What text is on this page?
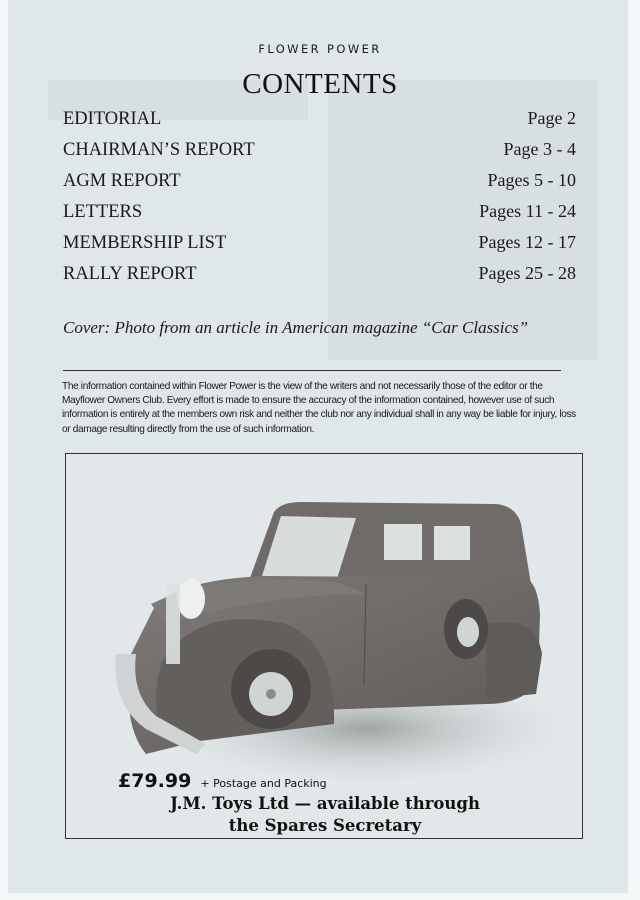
FLOWER POWER
CONTENTS
EDITORIAL	Page 2
CHAIRMAN’S REPORT	Page 3 - 4
AGM REPORT	Pages 5 - 10
LETTERS	Pages 11 - 24
MEMBERSHIP LIST	Pages 12 - 17
RALLY REPORT	Pages 25 - 28
Cover: Photo from an article in American magazine “Car Classics”
The information contained within Flower Power is the view of the writers and not necessarily those of the editor or the Mayflower Owners Club. Every effort is made to ensure the accuracy of the information contained, however use of such information is entirely at the members own risk and neither the club nor any individual shall in any way be liable for injury, loss or damage resulting directly from the use of such information.
£79.99 + Postage and Packing
J.M. Toys Ltd — available through
the Spares Secretary
